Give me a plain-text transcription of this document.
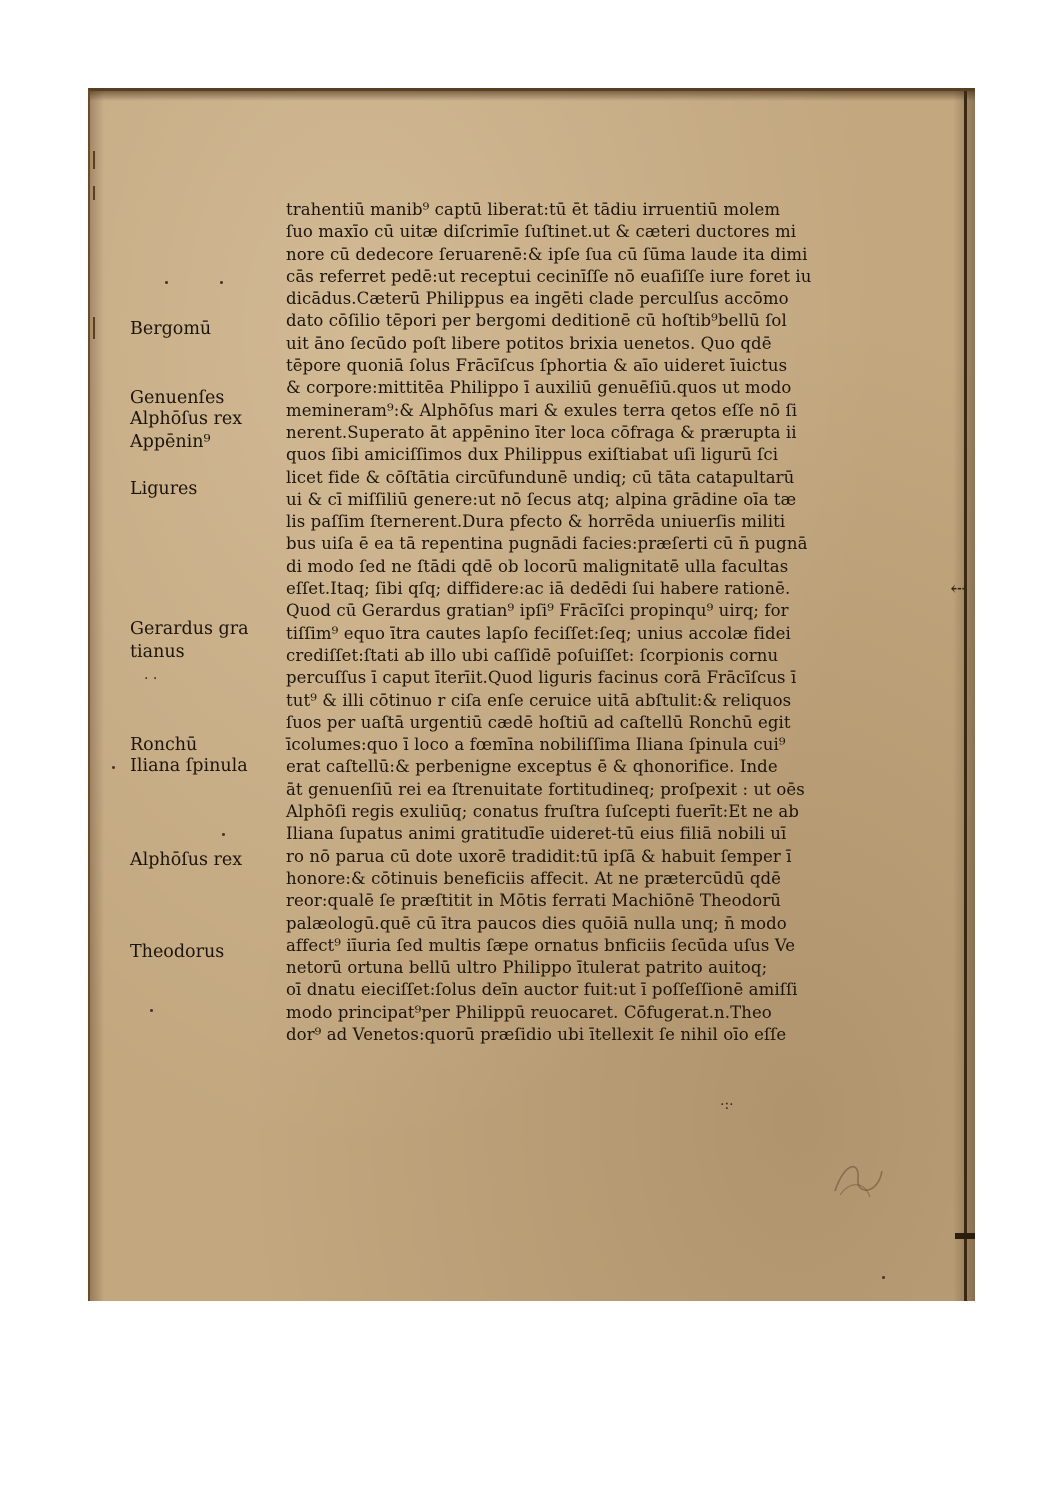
⤎
Bergomū
Genuenſes
Alphōſus rex
Appēnin⁹
Ligures
Gerardus gra
tianus
Ronchū
Iliana ſpinula
Alphōſus rex
Theodorus
· ·
·:·
trahentiū manib⁹ captū liberat:tū ēt tādiu irruentiū molem
ſuo maxīo cū uitæ diſcrimīe ſuſtinet.ut & cæteri ductores mi
nore cū dedecore ſeruarenē:& ipſe ſua cū ſūma laude ita dimi
cās referret pedē:ut receptui cecinīſſe nō euaſiſſe iure foret iu
dicādus.Cæterū Philippus ea ingēti clade perculſus accōmo
dato cōſilio tēpori per bergomi deditionē cū hoſtib⁹bellū ſol
uit āno ſecūdo poſt libere potitos brixia uenetos. Quo qdē
tēpore quoniā ſolus Frācīſcus ſphortia & aīo uideret īuictus
& corpore:mittitēa Philippo ī auxiliū genuēſiū.quos ut modo
memineram⁹:& Alphōſus mari & exules terra qetos eſſe nō ſi
nerent.Superato āt appēnino īter loca cōfraga & prærupta ii
quos ſibi amiciſſimos dux Philippus exiſtiabat uſi ligurū ſci
licet fide & cōſtātia circūfundunē undiq; cū tāta catapultarū
ui & cī miſſiliū genere:ut nō ſecus atq; alpina grādine oīa tæ
lis paſſim ſternerent.Dura pfecto & horrēda uniuerſis militi
bus uiſa ē ea tā repentina pugnādi facies:præſerti cū n̄ pugnā
di modo ſed ne ſtādi qdē ob locorū malignitatē ulla facultas
eſſet.Itaq; ſibi qſq; diffidere:ac iā dedēdi ſui habere rationē.
Quod cū Gerardus gratian⁹ ipſi⁹ Frācīſci propinqu⁹ uirq; for
tiſſim⁹ equo ītra cautes lapſo feciſſet:ſeq; unius accolæ fidei
crediſſet:ſtati ab illo ubi caſſidē poſuiſſet: ſcorpionis cornu
percuſſus ī caput īterīit.Quod liguris facinus corā Frācīſcus ī
tut⁹ & illi cōtinuo r ciſa enſe ceruice uitā abſtulit:& reliquos
ſuos per uaſtā urgentiū cædē hoſtiū ad caſtellū Ronchū egit
īcolumes:quo ī loco a fœmīna nobiliſſima Iliana ſpinula cui⁹
erat caſtellū:& perbenigne exceptus ē & qhonorifice. Inde
āt genuenſiū rei ea ſtrenuitate fortitudineq; proſpexit : ut oēs
Alphōſi regis exuliūq; conatus fruſtra ſuſcepti fuerīt:Et ne ab
Iliana ſupatus animi gratitudīe uideret-tū eius filiā nobili uī
ro nō parua cū dote uxorē tradidit:tū ipſā & habuit ſemper ī
honore:& cōtinuis beneficiis affecit. At ne prætercūdū qdē
reor:qualē ſe præſtitit in Mōtis ferrati Machiōnē Theodorū
palæologū.quē cū ītra paucos dies quōiā nulla unq; n̄ modo
affect⁹ iīuria ſed multis ſæpe ornatus bnficiis ſecūda uſus Ve
netorū ortuna bellū ultro Philippo ītulerat patrito auitoq;
oī dnatu eieciſſet:ſolus deīn auctor fuit:ut ī poſſeſſionē amiſſi
modo principat⁹per Philippū reuocaret. Cōfugerat.n.Theo
dor⁹ ad Venetos:quorū præſidio ubi ītellexit ſe nihil oīo eſſe
